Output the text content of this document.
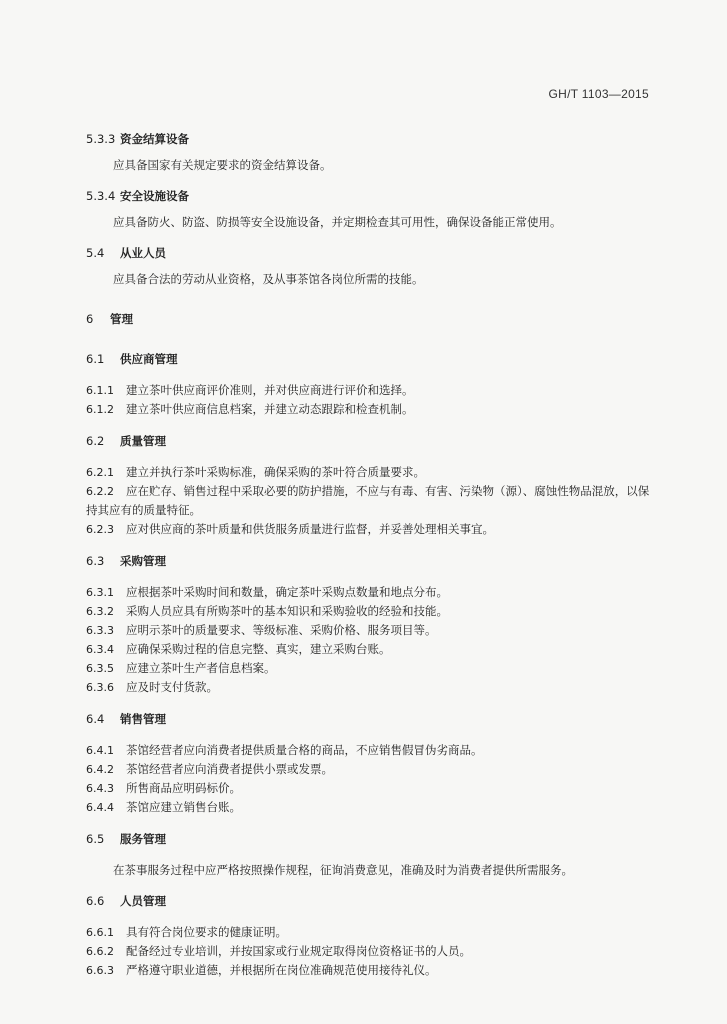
GH/T 1103—2015
5.3.3 资金结算设备
应具备国家有关规定要求的资金结算设备。
5.3.4 安全设施设备
应具备防火、防盗、防损等安全设施设备，并定期检查其可用性，确保设备能正常使用。
5.4 从业人员
应具备合法的劳动从业资格，及从事茶馆各岗位所需的技能。
6 管理
6.1 供应商管理
6.1.1 建立茶叶供应商评价准则，并对供应商进行评价和选择。
6.1.2 建立茶叶供应商信息档案，并建立动态跟踪和检查机制。
6.2 质量管理
6.2.1 建立并执行茶叶采购标准，确保采购的茶叶符合质量要求。
6.2.2 应在贮存、销售过程中采取必要的防护措施，不应与有毒、有害、污染物（源）、腐蚀性物品混放，以保持其应有的质量特征。
6.2.3 应对供应商的茶叶质量和供货服务质量进行监督，并妥善处理相关事宜。
6.3 采购管理
6.3.1 应根据茶叶采购时间和数量，确定茶叶采购点数量和地点分布。
6.3.2 采购人员应具有所购茶叶的基本知识和采购验收的经验和技能。
6.3.3 应明示茶叶的质量要求、等级标准、采购价格、服务项目等。
6.3.4 应确保采购过程的信息完整、真实，建立采购台账。
6.3.5 应建立茶叶生产者信息档案。
6.3.6 应及时支付货款。
6.4 销售管理
6.4.1 茶馆经营者应向消费者提供质量合格的商品，不应销售假冒伪劣商品。
6.4.2 茶馆经营者应向消费者提供小票或发票。
6.4.3 所售商品应明码标价。
6.4.4 茶馆应建立销售台账。
6.5 服务管理
在茶事服务过程中应严格按照操作规程，征询消费意见，准确及时为消费者提供所需服务。
6.6 人员管理
6.6.1 具有符合岗位要求的健康证明。
6.6.2 配备经过专业培训，并按国家或行业规定取得岗位资格证书的人员。
6.6.3 严格遵守职业道德，并根据所在岗位准确规范使用接待礼仪。
